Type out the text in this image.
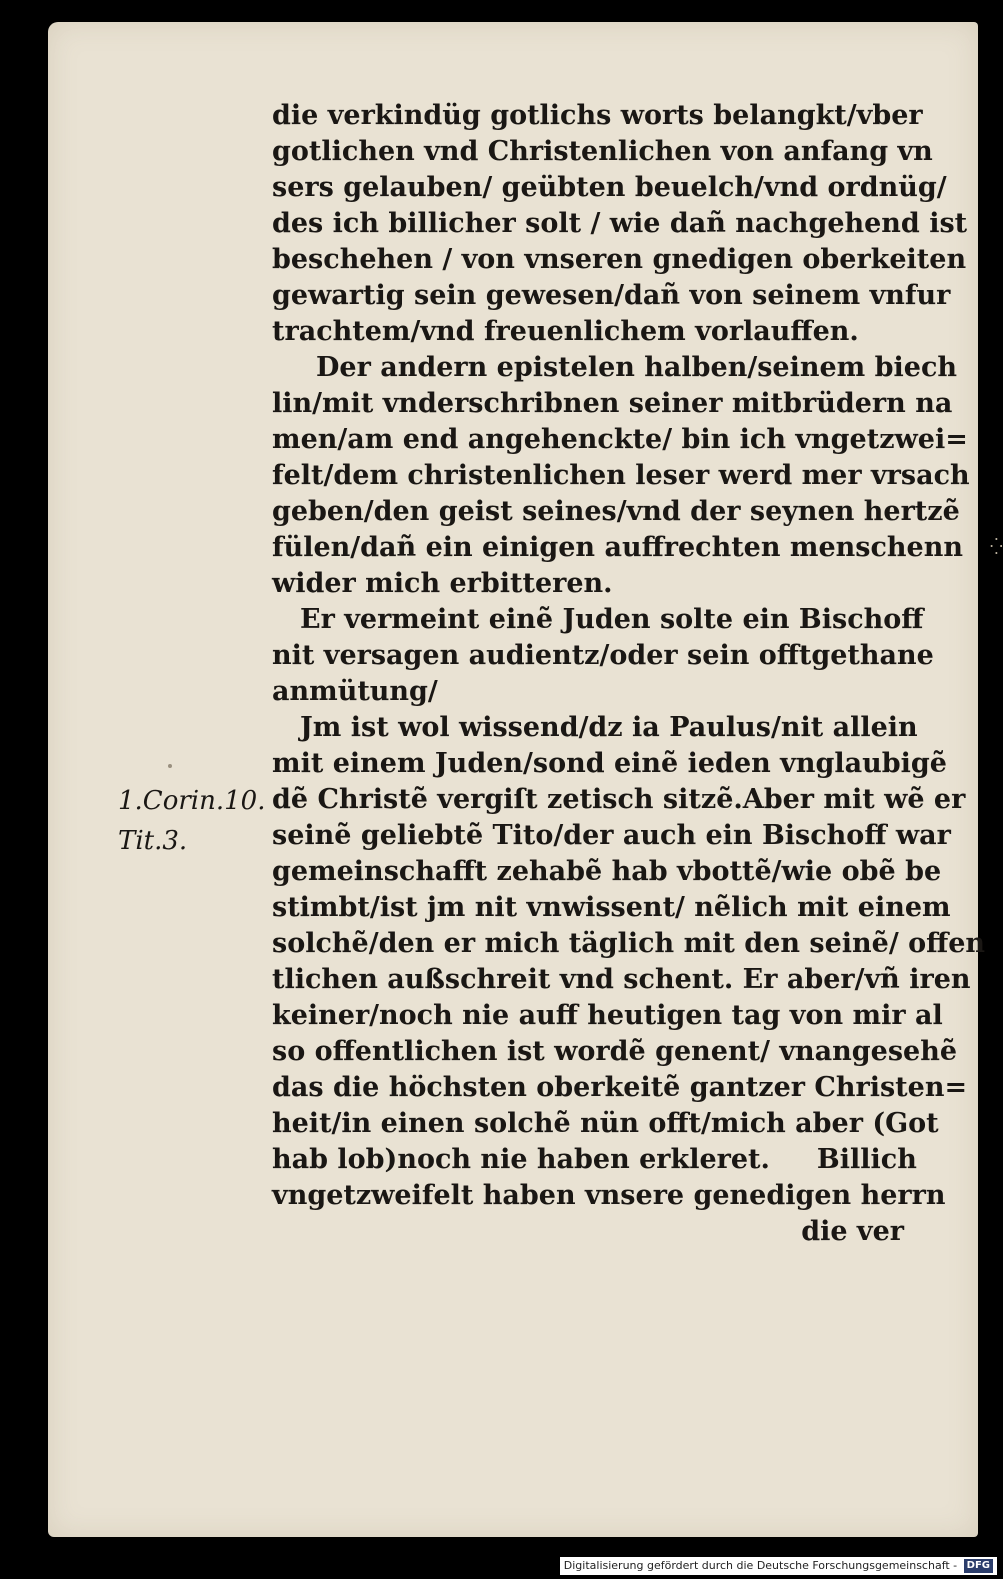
⁛
die verkindüg gotlichs worts belangkt/vber
gotlichen vnd Christenlichen von anfang vn
sers gelauben/ geübten beuelch/vnd ordnüg/
des ich billicher solt / wie dañ nachgehend ist
beschehen / von vnseren gnedigen oberkeiten
gewartig sein gewesen/dañ von seinem vnfur
trachtem/vnd freuenlichem vorlauffen.
Der andern epistelen halben/seinem biech
lin/mit vnderschribnen seiner mitbrüdern na
men/am end angehenckte/ bin ich vngetzwei=
felt/dem christenlichen leser werd mer vrsach
geben/den geist seines/vnd der seynen hertzẽ
fülen/dañ ein einigen auffrechten menschenn
wider mich erbitteren.
Er vermeint einẽ Juden solte ein Bischoff
nit versagen audientz/oder sein offtgethane
anmütung/
Jm ist wol wissend/dz ia Paulus/nit allein
mit einem Juden/sond einẽ ieden vnglaubigẽ
dẽ Christẽ vergiſt zetisch sitzẽ.Aber mit wẽ er
seinẽ geliebtẽ Tito/der auch ein Bischoff war
gemeinschafft zehabẽ hab vbottẽ/wie obẽ be
stimbt/ist jm nit vnwissent/ nẽlich mit einem
solchẽ/den er mich täglich mit den seinẽ/ offen
tlichen außschreit vnd schent. Er aber/vñ iren
keiner/noch nie auff heutigen tag von mir al
so offentlichen ist wordẽ genent/ vnangesehẽ
das die höchsten oberkeitẽ gantzer Christen=
heit/in einen solchẽ nün offt/mich aber (Got
hab lob)noch nie haben erkleret.     Billich
vngetzweifelt haben vnsere genedigen herrn
die ver
1.Corin.10.
Tit.3.
Digitalisierung gefördert durch die Deutsche Forschungsgemeinschaft - DFG
